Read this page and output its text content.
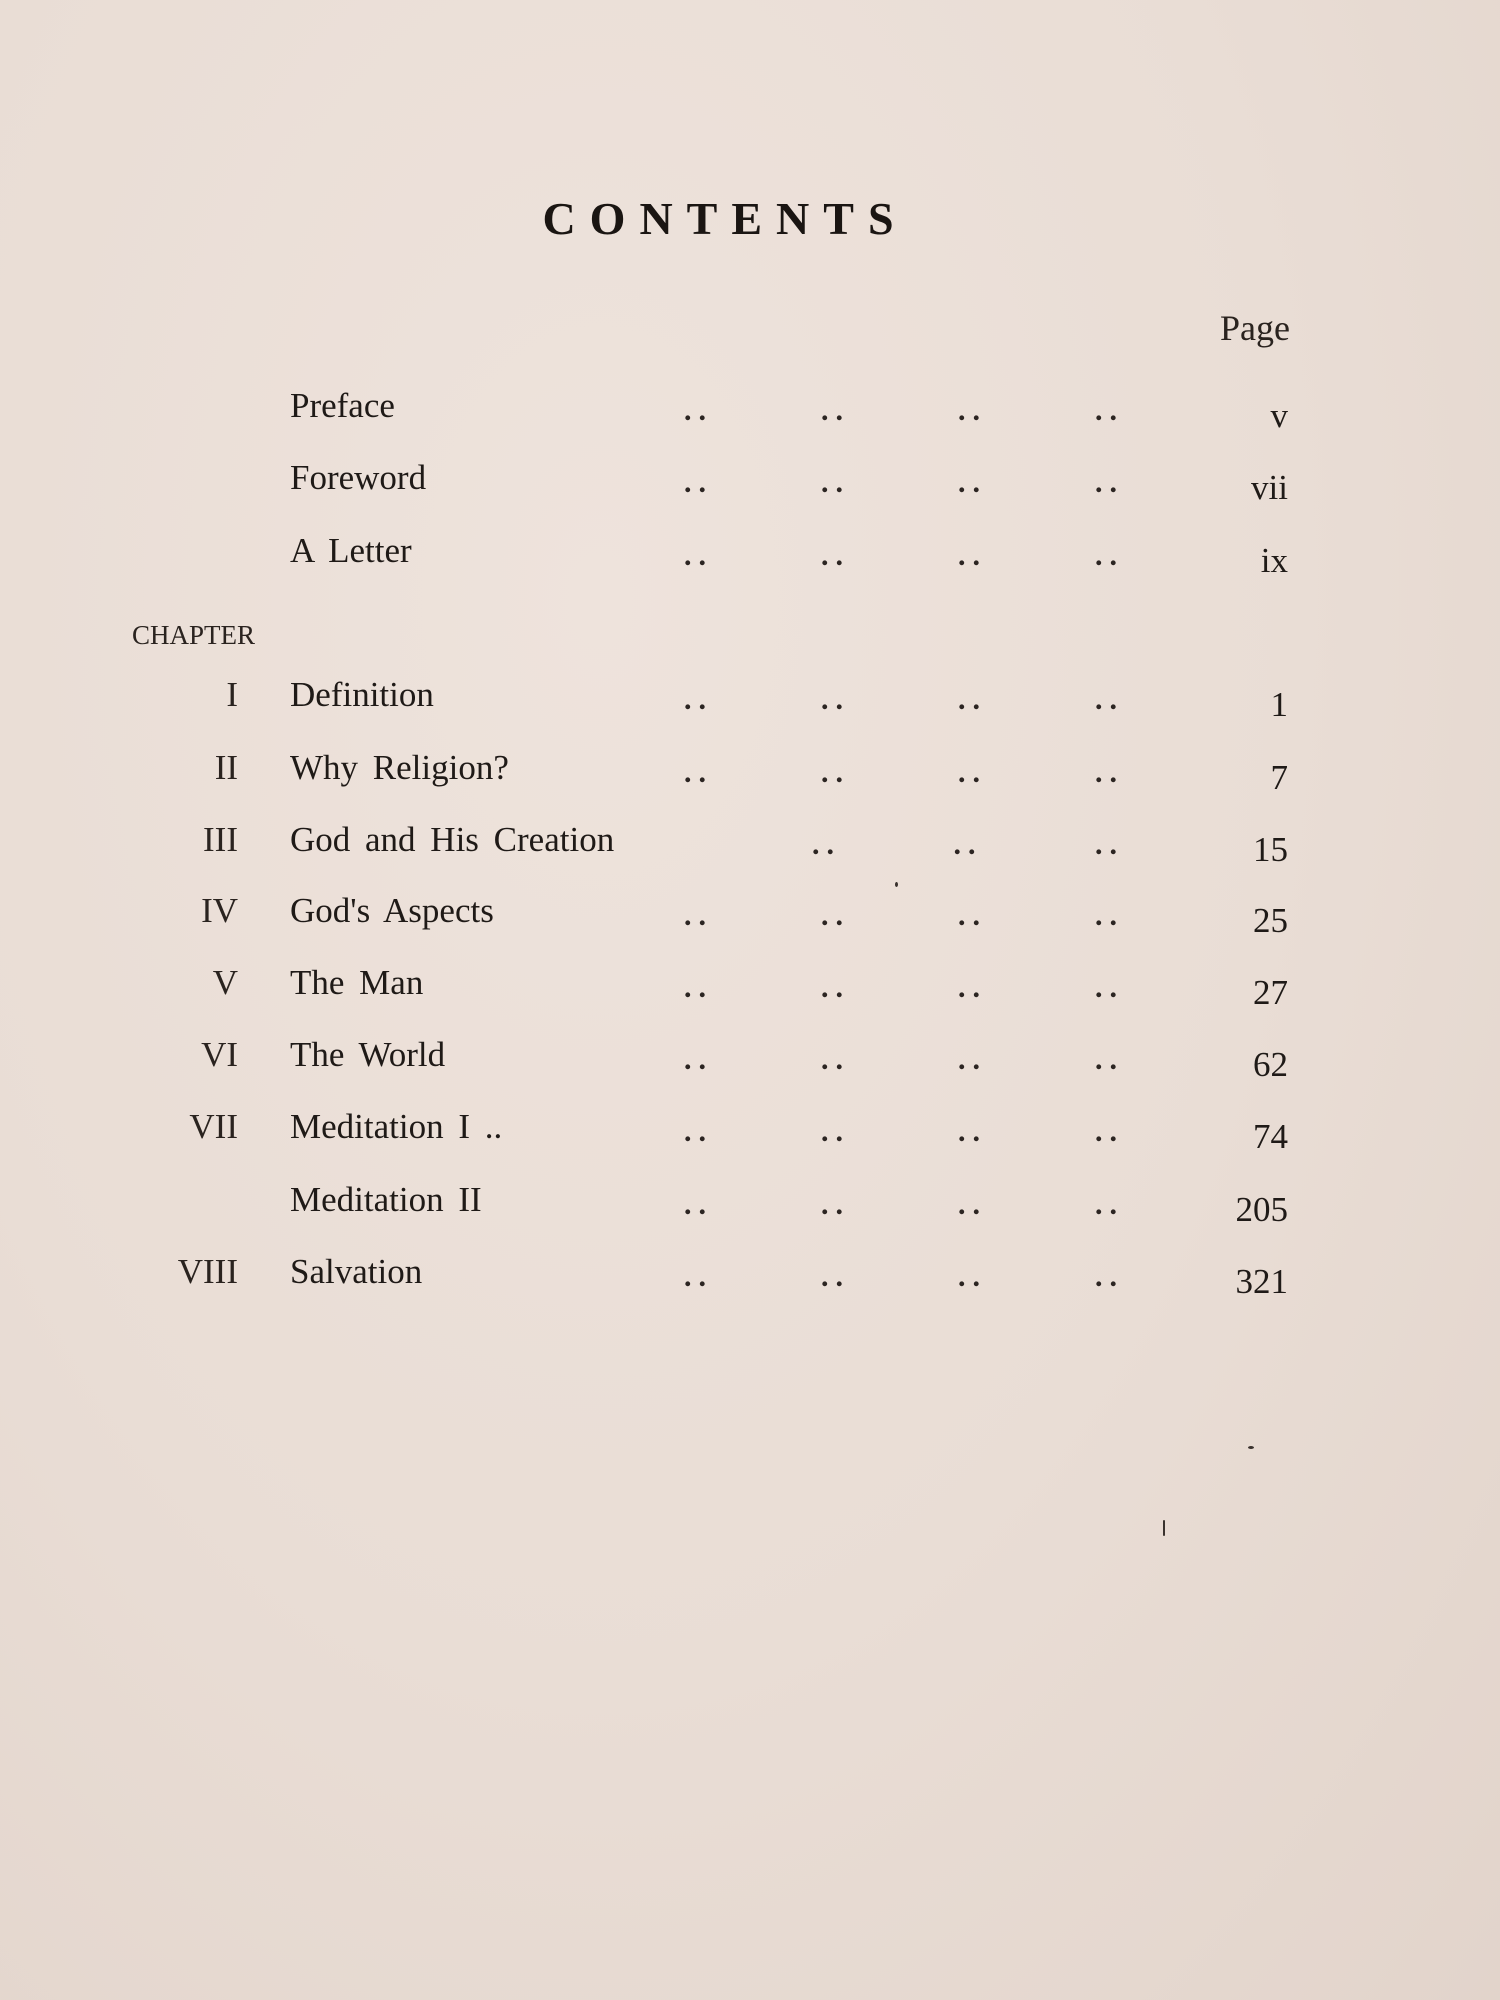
CONTENTS
Page
Preface	..	..	..	..	v
Foreword	..	..	..	..	vii
A Letter	..	..	..	..	ix
CHAPTER
I Definition	..	..	..	..	1
II Why Religion?	..	..	..	..	7
III God and His Creation	..	..	..	15
IV God's Aspects	..	..	..	..	25
V The Man	..	..	..	..	27
VI The World	..	..	..	..	62
VII Meditation I ..	..	..	..	..	74
Meditation II	..	..	..	..	205
VIII Salvation	..	..	..	..	321
